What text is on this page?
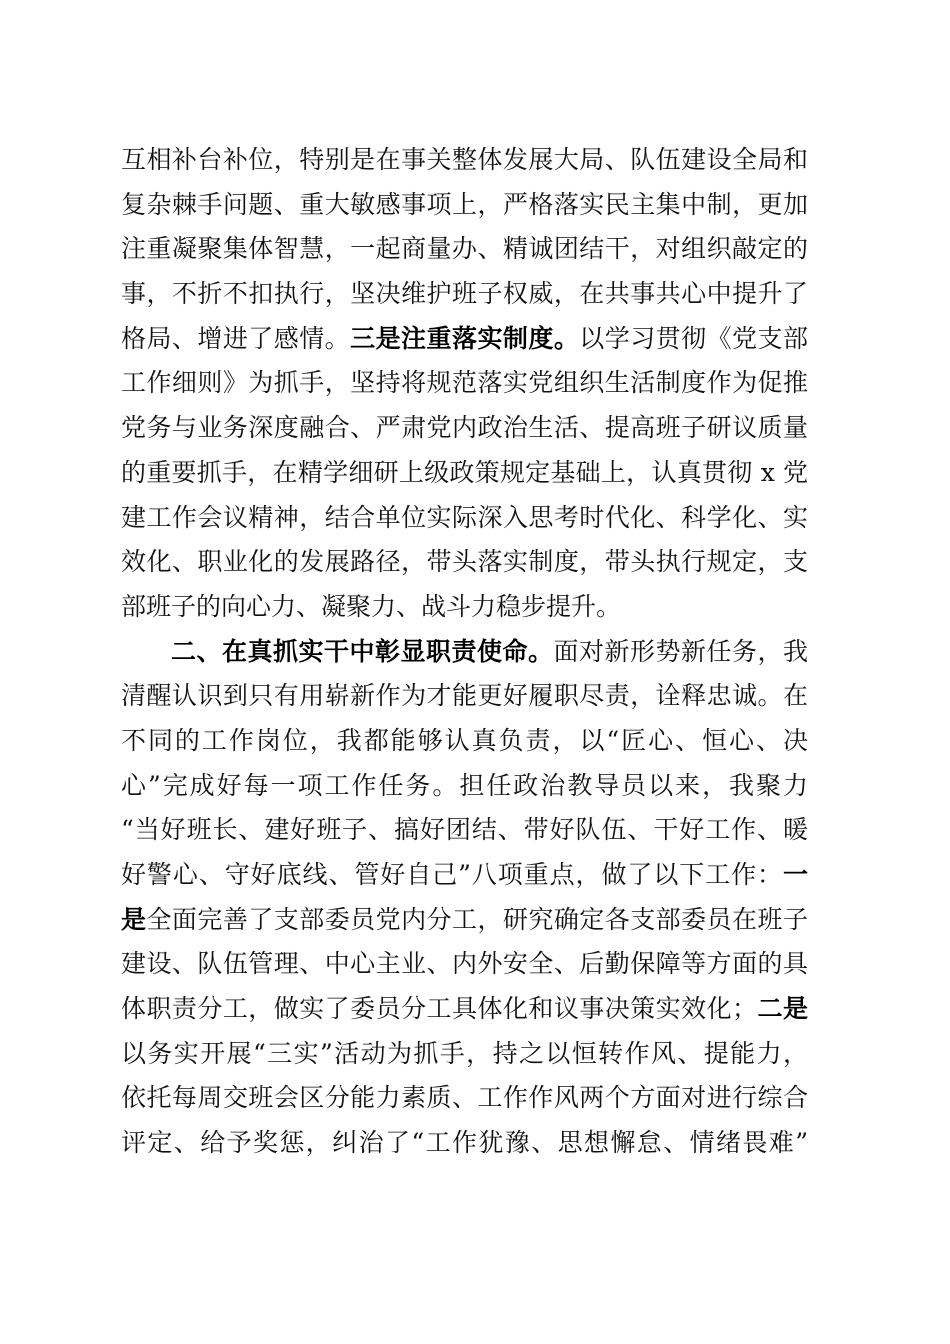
互相补台补位，特别是在事关整体发展大局、队伍建设全局和
复杂棘手问题、重大敏感事项上，严格落实民主集中制，更加
注重凝聚集体智慧，一起商量办、精诚团结干，对组织敲定的
事，不折不扣执行，坚决维护班子权威，在共事共心中提升了
格局、增进了感情。三是注重落实制度。以学习贯彻《党支部
工作细则》为抓手，坚持将规范落实党组织生活制度作为促推
党务与业务深度融合、严肃党内政治生活、提高班子研议质量
的重要抓手，在精学细研上级政策规定基础上，认真贯彻 x 党
建工作会议精神，结合单位实际深入思考时代化、科学化、实
效化、职业化的发展路径，带头落实制度，带头执行规定，支
部班子的向心力、凝聚力、战斗力稳步提升。
二、在真抓实干中彰显职责使命。面对新形势新任务，我
清醒认识到只有用崭新作为才能更好履职尽责，诠释忠诚。在
不同的工作岗位，我都能够认真负责，以“匠心、恒心、决
心”完成好每一项工作任务。担任政治教导员以来，我聚力
“当好班长、建好班子、搞好团结、带好队伍、干好工作、暖
好警心、守好底线、管好自己”八项重点，做了以下工作：一
是全面完善了支部委员党内分工，研究确定各支部委员在班子
建设、队伍管理、中心主业、内外安全、后勤保障等方面的具
体职责分工，做实了委员分工具体化和议事决策实效化；二是
以务实开展“三实”活动为抓手，持之以恒转作风、提能力，
依托每周交班会区分能力素质、工作作风两个方面对进行综合
评定、给予奖惩，纠治了“工作犹豫、思想懈怠、情绪畏难”
